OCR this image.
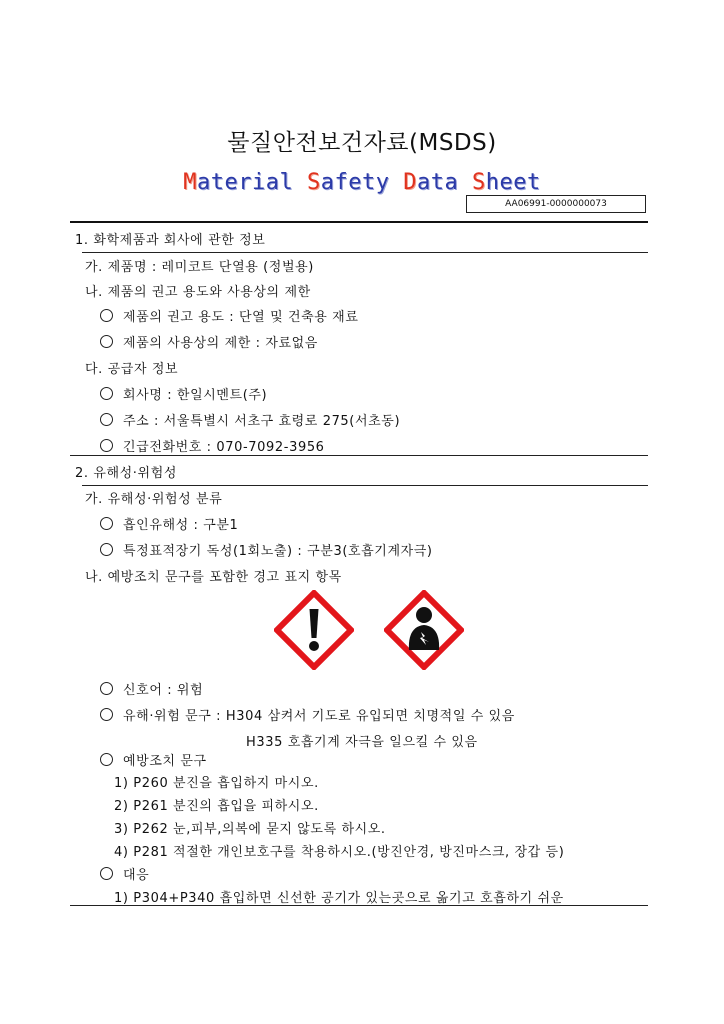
물질안전보건자료(MSDS)
Material Safety Data Sheet
AA06991-0000000073
1. 화학제품과 회사에 관한 정보
가. 제품명 : 레미코트 단열용 (정벌용)
나. 제품의 권고 용도와 사용상의 제한
제품의 권고 용도 : 단열 및 건축용 재료
제품의 사용상의 제한 : 자료없음
다. 공급자 정보
회사명 : 한일시멘트(주)
주소 : 서울특별시 서초구 효령로 275(서초동)
긴급전화번호 : 070-7092-3956
2. 유해성·위험성
가. 유해성·위험성 분류
흡인유해성 : 구분1
특정표적장기 독성(1회노출) : 구분3(호흡기계자극)
나. 예방조치 문구를 포함한 경고 표지 항목
신호어 : 위험
유해·위험 문구 : H304 삼켜서 기도로 유입되면 치명적일 수 있음
H335 호흡기계 자극을 일으킬 수 있음
예방조치 문구
1) P260 분진을 흡입하지 마시오.
2) P261 분진의 흡입을 피하시오.
3) P262 눈,피부,의복에 묻지 않도록 하시오.
4) P281 적절한 개인보호구를 착용하시오.(방진안경, 방진마스크, 장갑 등)
대응
1) P304+P340 흡입하면 신선한 공기가 있는곳으로 옮기고 호흡하기 쉬운
